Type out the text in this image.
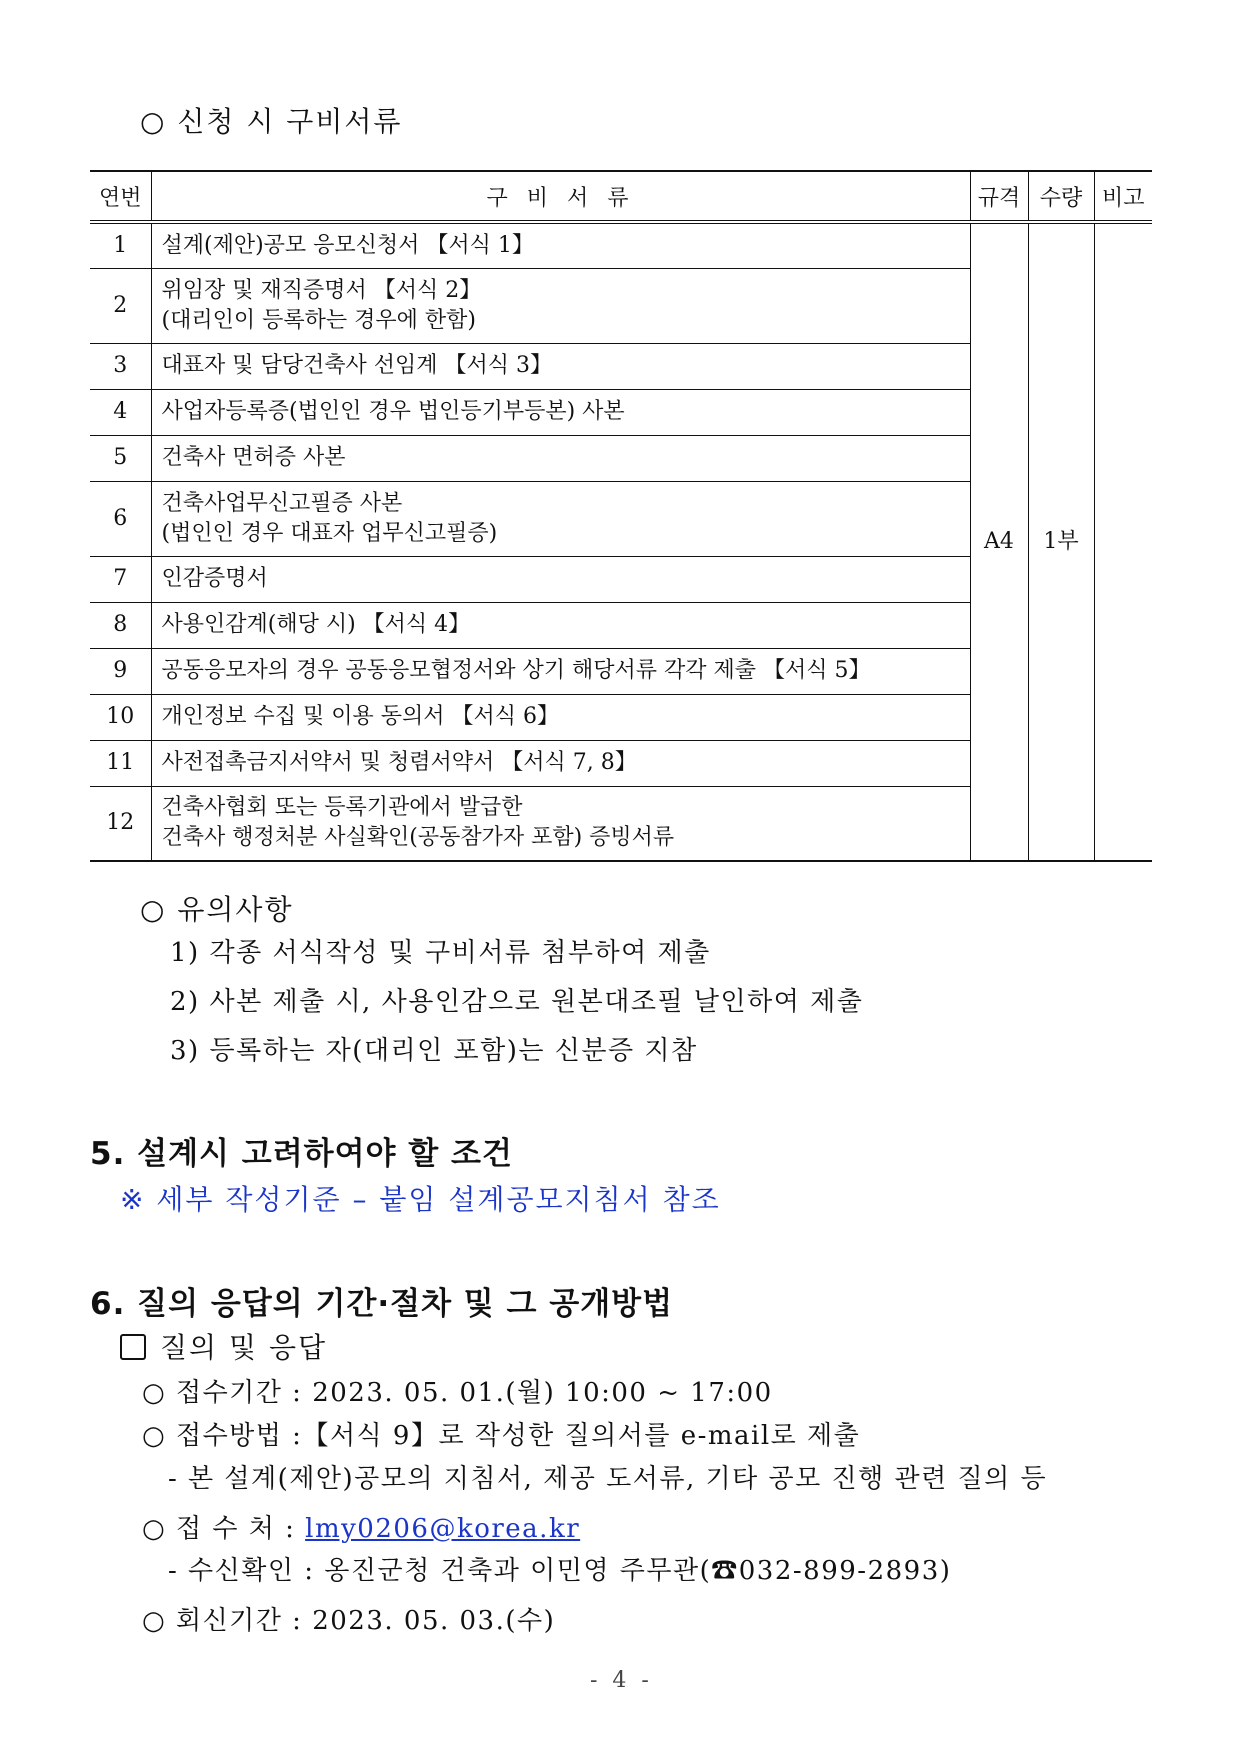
○ 신청 시 구비서류
연번	구 비 서 류	규격	수량	비고
1	설계(제안)공모 응모신청서 【서식 1】	A4	1부	
2	위임장 및 재직증명서 【서식 2】
(대리인이 등록하는 경우에 한함)			

3	대표자 및 담당건축사 선임계 【서식 3】			
4	사업자등록증(법인인 경우 법인등기부등본) 사본			
5	건축사 면허증 사본			
6	건축사업무신고필증 사본
(법인인 경우 대표자 업무신고필증)			

7	인감증명서			
8	사용인감계(해당 시) 【서식 4】			
9	공동응모자의 경우 공동응모협정서와 상기 해당서류 각각 제출 【서식 5】			
10	개인정보 수집 및 이용 동의서 【서식 6】			
11	사전접촉금지서약서 및 청렴서약서 【서식 7, 8】			
12	건축사협회 또는 등록기관에서 발급한
건축사 행정처분 사실확인(공동참가자 포함) 증빙서류			
○ 유의사항
1) 각종 서식작성 및 구비서류 첨부하여 제출
2) 사본 제출 시, 사용인감으로 원본대조필 날인하여 제출
3) 등록하는 자(대리인 포함)는 신분증 지참
5. 설계시 고려하여야 할 조건
※ 세부 작성기준 – 붙임 설계공모지침서 참조
6. 질의 응답의 기간·절차 및 그 공개방법
질의 및 응답
○ 접수기간 : 2023. 05. 01.(월) 10:00 ~ 17:00
○ 접수방법 :【서식 9】로 작성한 질의서를 e-mail로 제출
- 본 설계(제안)공모의 지침서, 제공 도서류, 기타 공모 진행 관련 질의 등
○ 접 수 처 : lmy0206@korea.kr
- 수신확인 : 옹진군청 건축과 이민영 주무관(☎032-899-2893)
○ 회신기간 : 2023. 05. 03.(수)
- 4 -
